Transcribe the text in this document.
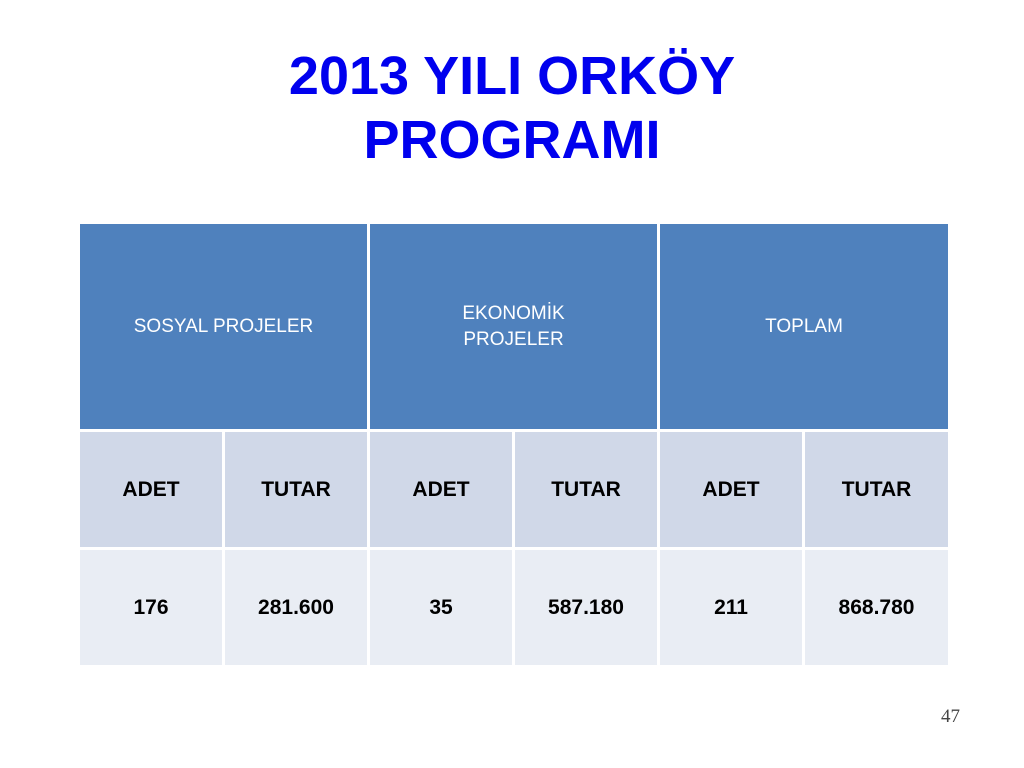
2013 YILI ORKÖY
PROGRAMI
SOSYAL PROJELER		EKONOMİK PROJELER		TOPLAM	
ADET	TUTAR	ADET	TUTAR	ADET	TUTAR
176	281.600	35	587.180	211	868.780
47
